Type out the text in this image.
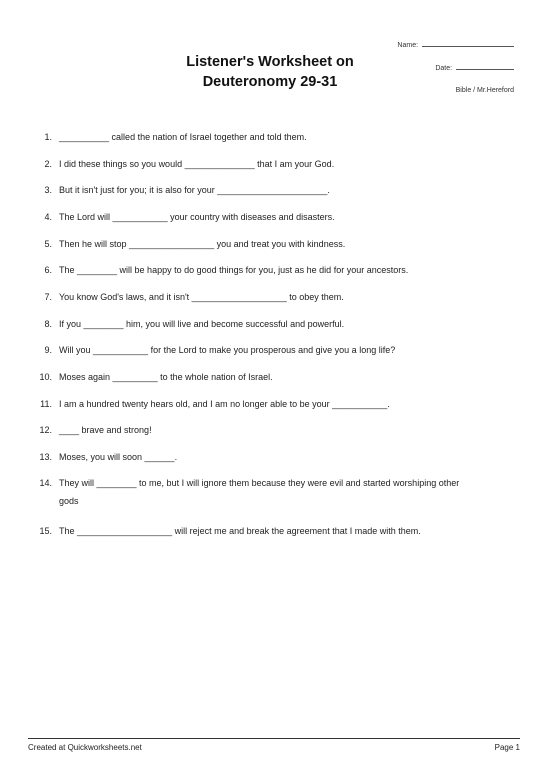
Name:
Date:
Bible / Mr.Hereford
Listener's Worksheet on
Deuteronomy 29-31
1. __________ called the nation of Israel together and told them.
2. I did these things so you would ______________ that I am your God.
3. But it isn't just for you; it is also for your ______________________.
4. The Lord will ___________ your country with diseases and disasters.
5. Then he will stop _________________ you and treat you with kindness.
6. The ________ will be happy to do good things for you, just as he did for your ancestors.
7. You know God's laws, and it isn't ___________________ to obey them.
8. If you ________ him, you will live and become successful and powerful.
9. Will you ___________ for the Lord to make you prosperous and give you a long life?
10. Moses again _________ to the whole nation of Israel.
11. I am a hundred twenty hears old, and I am no longer able to be your ___________.
12. ____ brave and strong!
13. Moses, you will soon ______.
14. They will ________ to me, but I will ignore them because they were evil and started worshiping other
gods
15. The ___________________ will reject me and break the agreement that I made with them.
Created at Quickworksheets.net	Page 1
